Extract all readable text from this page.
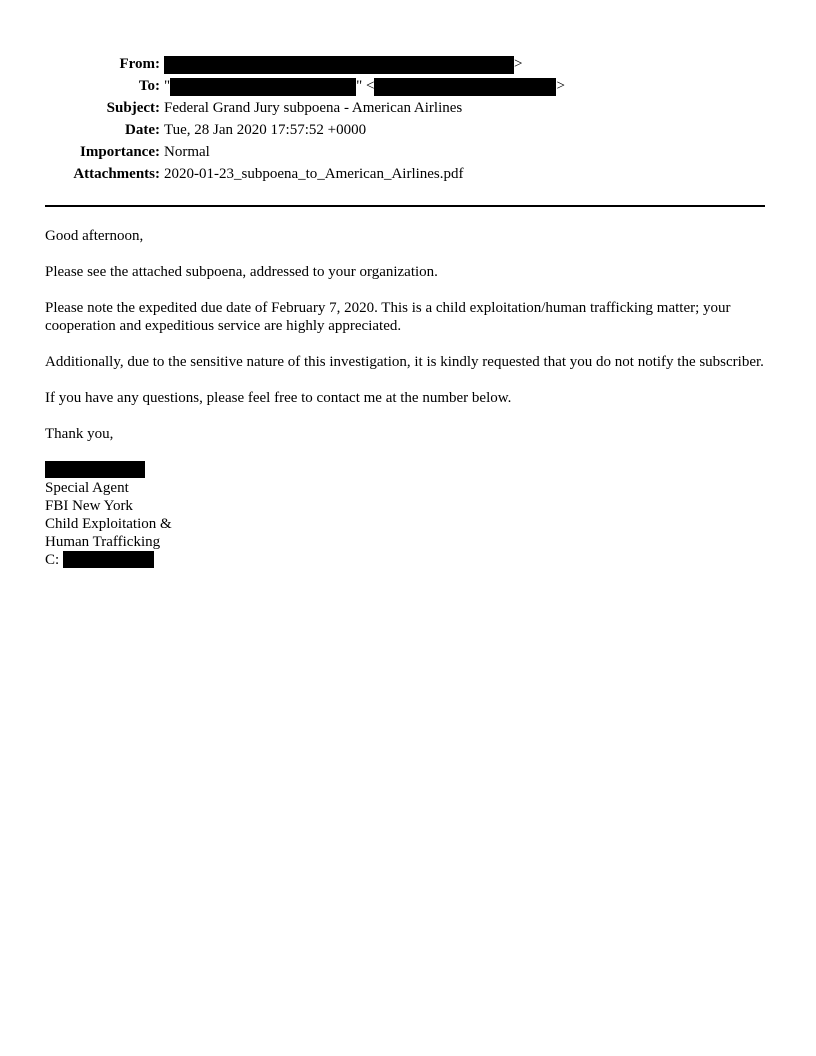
From:	>
To: "	" <	>
Subject: Federal Grand Jury subpoena - American Airlines
Date: Tue, 28 Jan 2020 17:57:52 +0000
Importance: Normal
Attachments: 2020-01-23_subpoena_to_American_Airlines.pdf

Good afternoon,

Please see the attached subpoena, addressed to your organization.

Please note the expedited due date of February 7, 2020. This is a child exploitation/human trafficking matter; your cooperation and expeditious service are highly appreciated.

Additionally, due to the sensitive nature of this investigation, it is kindly requested that you do not notify the subscriber.

If you have any questions, please feel free to contact me at the number below.

Thank you,

Special Agent
FBI New York
Child Exploitation &
Human Trafficking
C:
